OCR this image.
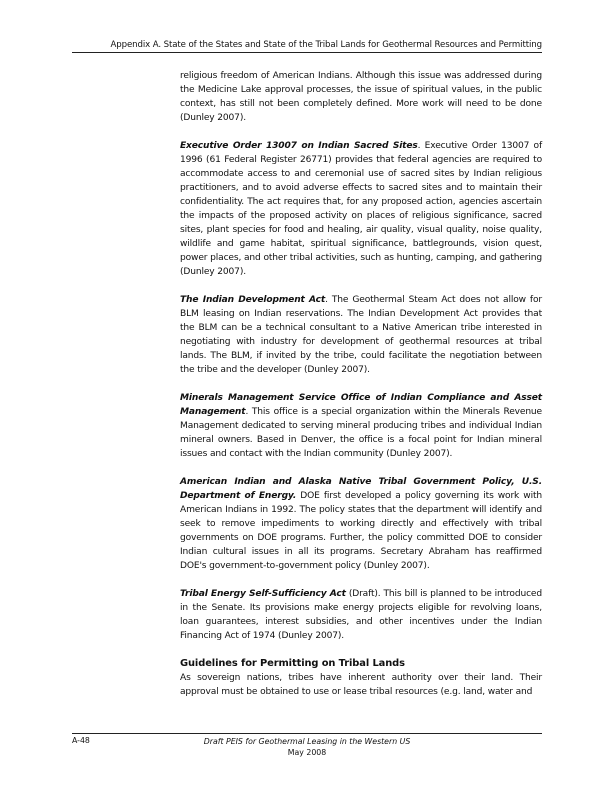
Appendix A. State of the States and State of the Tribal Lands for Geothermal Resources and Permitting

religious freedom of American Indians. Although this issue was addressed during the Medicine Lake approval processes, the issue of spiritual values, in the public context, has still not been completely defined. More work will need to be done (Dunley 2007).

Executive Order 13007 on Indian Sacred Sites. Executive Order 13007 of 1996 (61 Federal Register 26771) provides that federal agencies are required to accommodate access to and ceremonial use of sacred sites by Indian religious practitioners, and to avoid adverse effects to sacred sites and to maintain their confidentiality. The act requires that, for any proposed action, agencies ascertain the impacts of the proposed activity on places of religious significance, sacred sites, plant species for food and healing, air quality, visual quality, noise quality, wildlife and game habitat, spiritual significance, battlegrounds, vision quest, power places, and other tribal activities, such as hunting, camping, and gathering (Dunley 2007).

The Indian Development Act. The Geothermal Steam Act does not allow for BLM leasing on Indian reservations. The Indian Development Act provides that the BLM can be a technical consultant to a Native American tribe interested in negotiating with industry for development of geothermal resources at tribal lands. The BLM, if invited by the tribe, could facilitate the negotiation between the tribe and the developer (Dunley 2007).

Minerals Management Service Office of Indian Compliance and Asset Management. This office is a special organization within the Minerals Revenue Management dedicated to serving mineral producing tribes and individual Indian mineral owners. Based in Denver, the office is a focal point for Indian mineral issues and contact with the Indian community (Dunley 2007).

American Indian and Alaska Native Tribal Government Policy, U.S. Department of Energy. DOE first developed a policy governing its work with American Indians in 1992. The policy states that the department will identify and seek to remove impediments to working directly and effectively with tribal governments on DOE programs. Further, the policy committed DOE to consider Indian cultural issues in all its programs. Secretary Abraham has reaffirmed DOE's government-to-government policy (Dunley 2007).

Tribal Energy Self-Sufficiency Act (Draft). This bill is planned to be introduced in the Senate. Its provisions make energy projects eligible for revolving loans, loan guarantees, interest subsidies, and other incentives under the Indian Financing Act of 1974 (Dunley 2007).

Guidelines for Permitting on Tribal Lands

As sovereign nations, tribes have inherent authority over their land. Their approval must be obtained to use or lease tribal resources (e.g. land, water and

A-48	Draft PEIS for Geothermal Leasing in the Western US
May 2008
